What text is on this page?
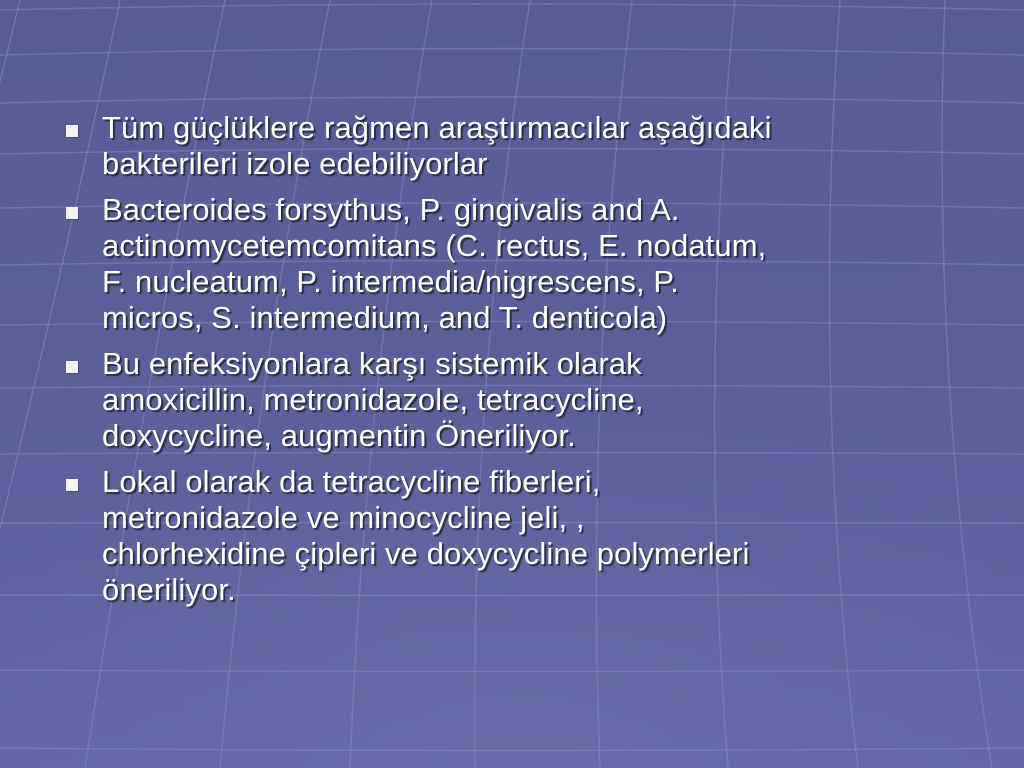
Tüm güçlüklere rağmen araştırmacılar aşağıdaki
bakterileri izole edebiliyorlar
Bacteroides forsythus, P. gingivalis and A.
actinomycetemcomitans (C. rectus, E. nodatum,
F. nucleatum, P. intermedia/nigrescens, P.
micros, S. intermedium, and T. denticola)
Bu enfeksiyonlara karşı sistemik olarak
amoxicillin, metronidazole, tetracycline,
doxycycline, augmentin Öneriliyor.
Lokal olarak da tetracycline fiberleri,
metronidazole ve minocycline jeli, ,
chlorhexidine çipleri ve doxycycline polymerleri
öneriliyor.
